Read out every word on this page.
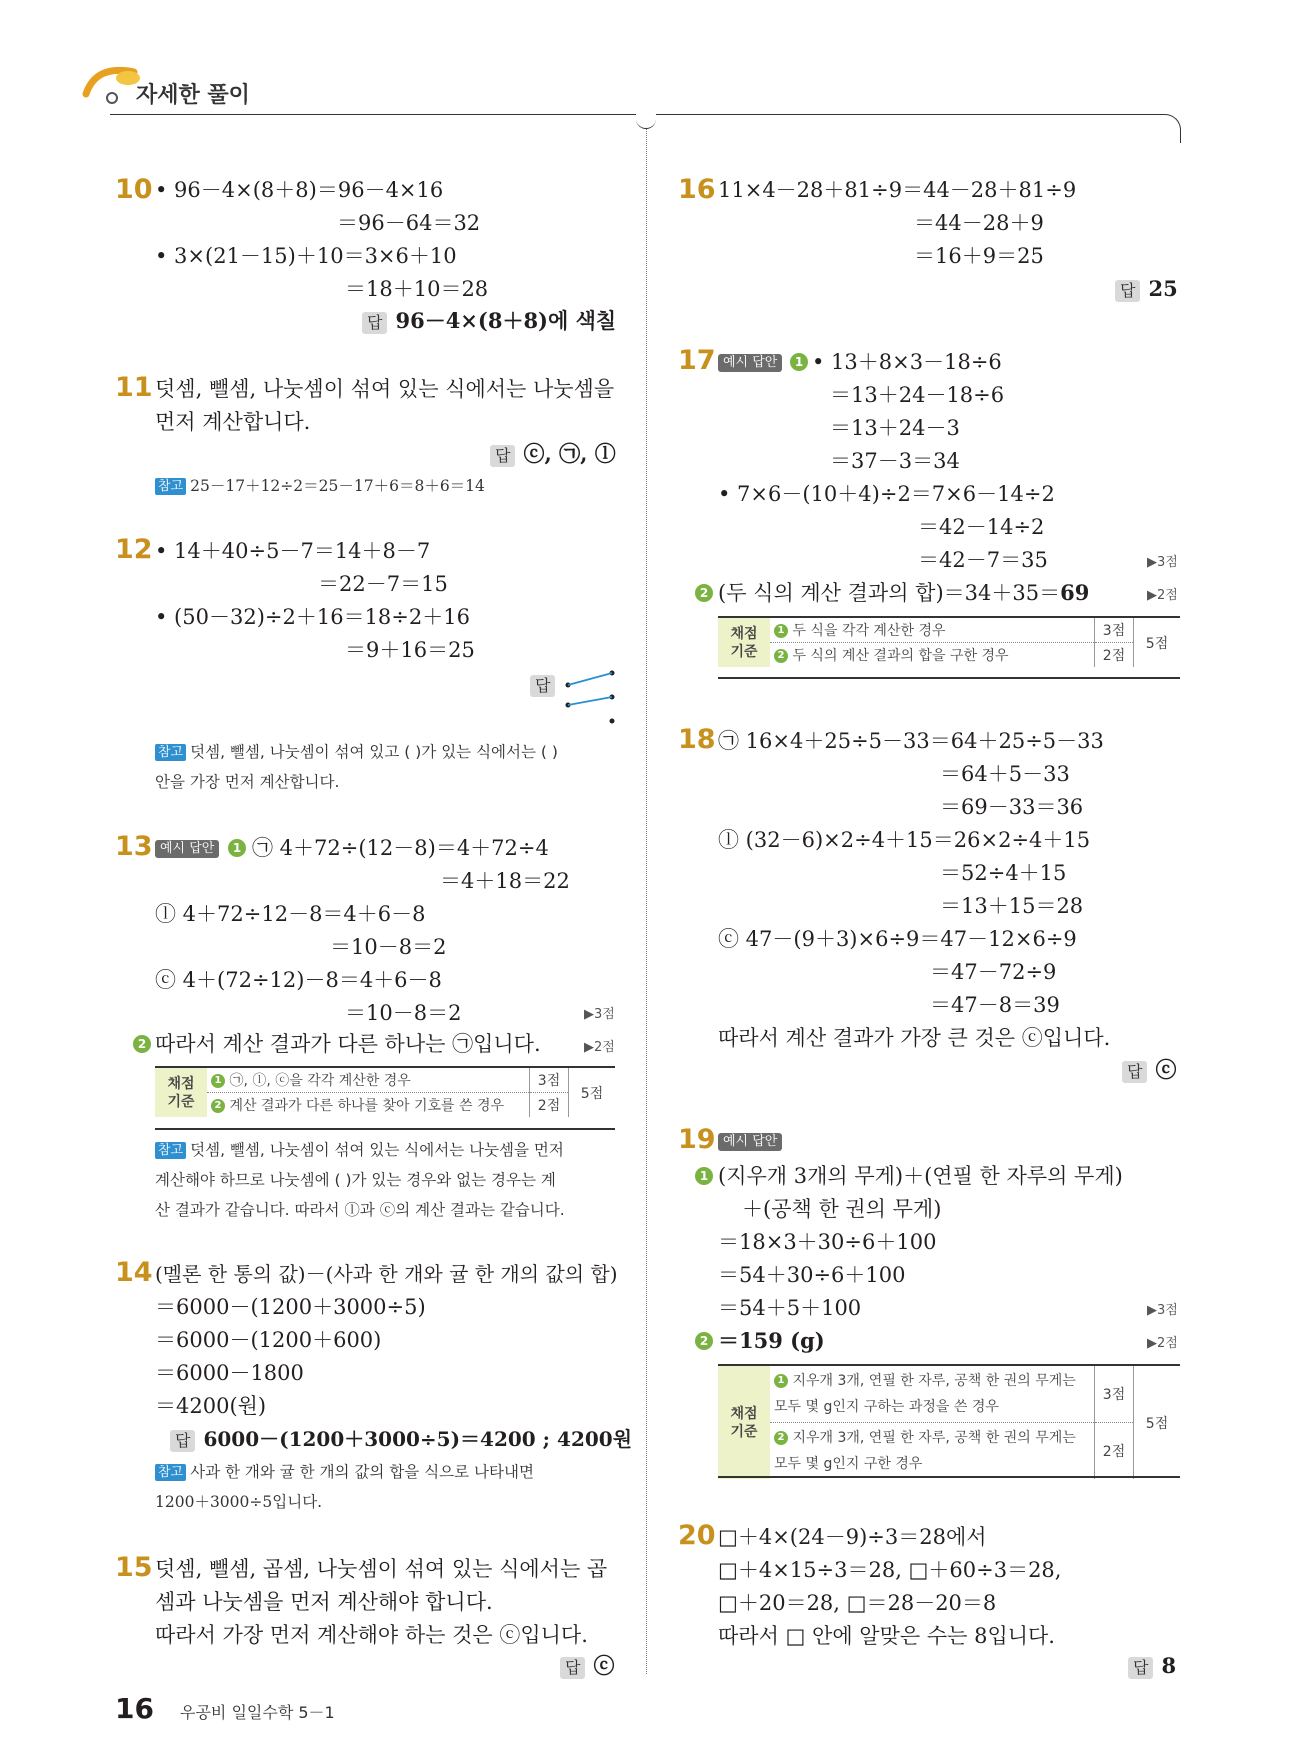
자세한 풀이
10 • 96－4×(8＋8)＝96－4×16
＝96－64＝32
• 3×(21－15)＋10＝3×6＋10
＝18＋10＝28
답 96－4×(8＋8)에 색칠
11 덧셈, 뺄셈, 나눗셈이 섞여 있는 식에서는 나눗셈을
먼저 계산합니다.
답 ⓒ, ㉠, ⓛ
참고 25－17＋12÷2＝25－17＋6＝8＋6＝14
12 • 14＋40÷5－7＝14＋8－7
＝22－7＝15
• (50－32)÷2＋16＝18÷2＋16
＝9＋16＝25
답
참고 덧셈, 뺄셈, 나눗셈이 섞여 있고 ( )가 있는 식에서는 ( )
안을 가장 먼저 계산합니다.
13 예시 답안	1 ㉠ 4＋72÷(12－8)＝4＋72÷4
＝4＋18＝22
ⓛ 4＋72÷12－8＝4＋6－8
＝10－8＝2
ⓒ 4＋(72÷12)－8＝4＋6－8
＝10－8＝2	▶3점
2 따라서 계산 결과가 다른 하나는 ㉠입니다.	▶2점
채점 기준	1 ㉠, ⓛ, ⓒ을 각각 계산한 경우	3점	5점
	2 계산 결과가 다른 하나를 찾아 기호를 쓴 경우	2점	
참고 덧셈, 뺄셈, 나눗셈이 섞여 있는 식에서는 나눗셈을 먼저
계산해야 하므로 나눗셈에 ( )가 있는 경우와 없는 경우는 계
산 결과가 같습니다. 따라서 ⓛ과 ⓒ의 계산 결과는 같습니다.
14 (멜론 한 통의 값)－(사과 한 개와 귤 한 개의 값의 합)
＝6000－(1200＋3000÷5)
＝6000－(1200＋600)
＝6000－1800
＝4200(원)
답 6000－(1200＋3000÷5)＝4200 ; 4200원
참고 사과 한 개와 귤 한 개의 값의 합을 식으로 나타내면
1200＋3000÷5입니다.
15 덧셈, 뺄셈, 곱셈, 나눗셈이 섞여 있는 식에서는 곱
셈과 나눗셈을 먼저 계산해야 합니다.
따라서 가장 먼저 계산해야 하는 것은 ⓒ입니다.
답 ⓒ
16 우공비 일일수학 5－1
16 11×4－28＋81÷9＝44－28＋81÷9
＝44－28＋9
＝16＋9＝25
답 25
17 예시 답안	1 • 13＋8×3－18÷6
＝13＋24－18÷6
＝13＋24－3
＝37－3＝34
• 7×6－(10＋4)÷2＝7×6－14÷2
＝42－14÷2
＝42－7＝35	▶3점
2 (두 식의 계산 결과의 합)＝34＋35＝69	▶2점
채점 기준	1 두 식을 각각 계산한 경우	3점	5점
	2 두 식의 계산 결과의 합을 구한 경우	2점	
18 ㉠ 16×4＋25÷5－33＝64＋25÷5－33
＝64＋5－33
＝69－33＝36
ⓛ (32－6)×2÷4＋15＝26×2÷4＋15
＝52÷4＋15
＝13＋15＝28
ⓒ 47－(9＋3)×6÷9＝47－12×6÷9
＝47－72÷9
＝47－8＝39
따라서 계산 결과가 가장 큰 것은 ⓒ입니다.
답 ⓒ
19 예시 답안
1 (지우개 3개의 무게)＋(연필 한 자루의 무게)
＋(공책 한 권의 무게)
＝18×3＋30÷6＋100
＝54＋30÷6＋100
＝54＋5＋100	▶3점
2 ＝159 (g)	▶2점
채점 기준	1 지우개 3개, 연필 한 자루, 공책 한 권의 무게는 모두 몇 g인지 구하는 과정을 쓴 경우	3점	5점
	2 지우개 3개, 연필 한 자루, 공책 한 권의 무게는 모두 몇 g인지 구한 경우	2점	
20 □＋4×(24－9)÷3＝28에서
□＋4×15÷3＝28, □＋60÷3＝28,
□＋20＝28, □＝28－20＝8
따라서 □ 안에 알맞은 수는 8입니다.
답 8
